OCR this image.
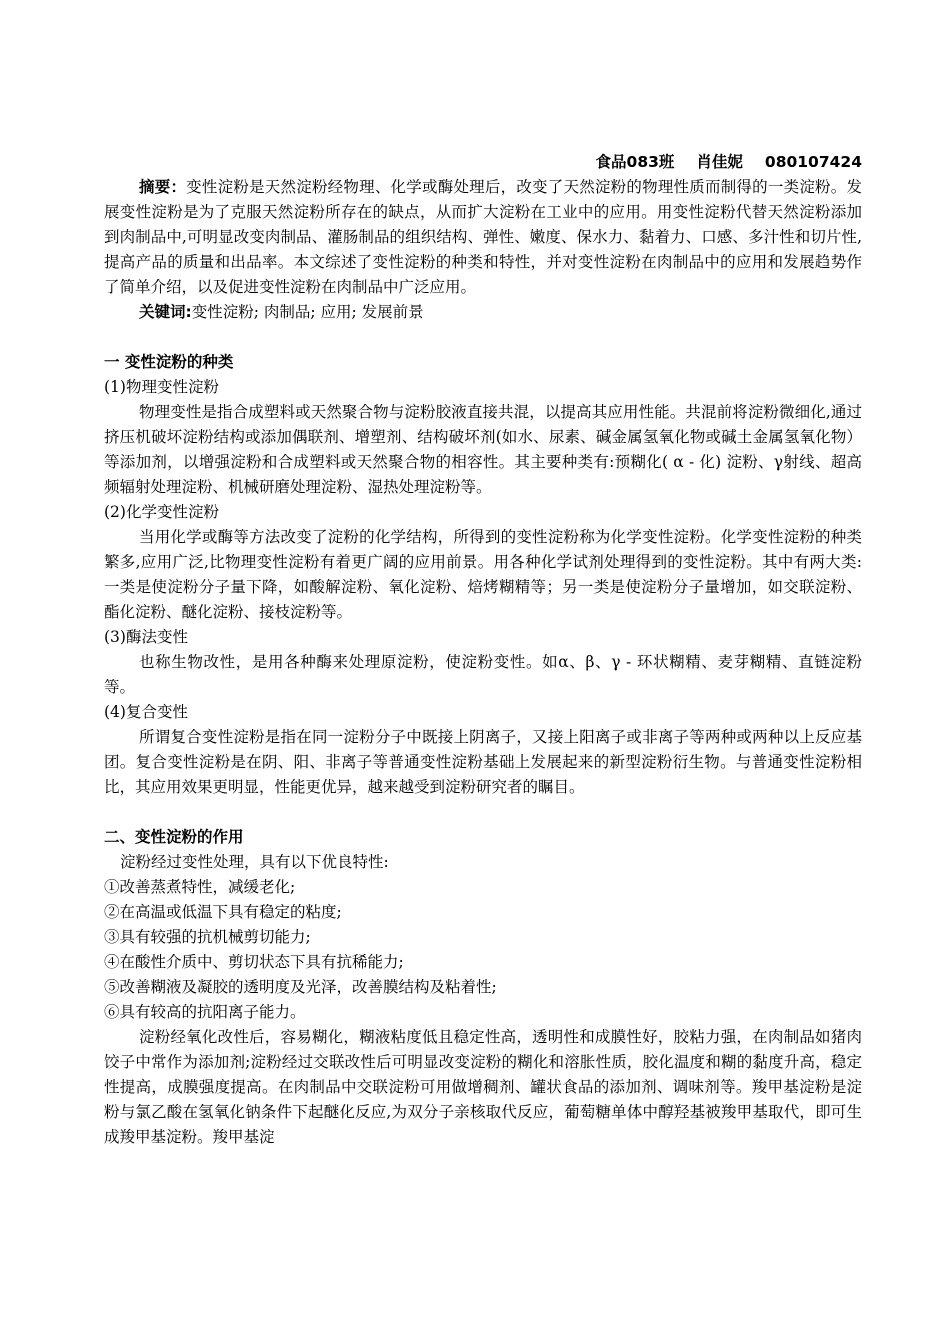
食品083班 肖佳妮 080107424

摘要：变性淀粉是天然淀粉经物理、化学或酶处理后，改变了天然淀粉的物理性质而制得的一类淀粉。发展变性淀粉是为了克服天然淀粉所存在的缺点，从而扩大淀粉在工业中的应用。用变性淀粉代替天然淀粉添加到肉制品中,可明显改变肉制品、灌肠制品的组织结构、弹性、嫩度、保水力、黏着力、口感、多汁性和切片性,提高产品的质量和出品率。本文综述了变性淀粉的种类和特性，并对变性淀粉在肉制品中的应用和发展趋势作了简单介绍，以及促进变性淀粉在肉制品中广泛应用。

关键词:变性淀粉; 肉制品; 应用; 发展前景

一 变性淀粉的种类

(1)物理变性淀粉

物理变性是指合成塑料或天然聚合物与淀粉胶液直接共混，以提高其应用性能。共混前将淀粉微细化,通过挤压机破坏淀粉结构或添加偶联剂、增塑剂、结构破坏剂(如水、尿素、碱金属氢氧化物或碱土金属氢氧化物）等添加剂，以增强淀粉和合成塑料或天然聚合物的相容性。其主要种类有:预糊化( α - 化) 淀粉、γ射线、超高频辐射处理淀粉、机械研磨处理淀粉、湿热处理淀粉等。

(2)化学变性淀粉

当用化学或酶等方法改变了淀粉的化学结构，所得到的变性淀粉称为化学变性淀粉。化学变性淀粉的种类繁多,应用广泛,比物理变性淀粉有着更广阔的应用前景。用各种化学试剂处理得到的变性淀粉。其中有两大类:一类是使淀粉分子量下降，如酸解淀粉、氧化淀粉、焙烤糊精等；另一类是使淀粉分子量增加，如交联淀粉、酯化淀粉、醚化淀粉、接枝淀粉等。

(3)酶法变性

也称生物改性，是用各种酶来处理原淀粉，使淀粉变性。如α、β、γ - 环状糊精、麦芽糊精、直链淀粉等。

(4)复合变性

所谓复合变性淀粉是指在同一淀粉分子中既接上阴离子，又接上阳离子或非离子等两种或两种以上反应基团。复合变性淀粉是在阴、阳、非离子等普通变性淀粉基础上发展起来的新型淀粉衍生物。与普通变性淀粉相比，其应用效果更明显，性能更优异，越来越受到淀粉研究者的瞩目。

二、变性淀粉的作用

淀粉经过变性处理，具有以下优良特性:

①改善蒸煮特性，减缓老化;

②在高温或低温下具有稳定的粘度;

③具有较强的抗机械剪切能力;

④在酸性介质中、剪切状态下具有抗稀能力;

⑤改善糊液及凝胶的透明度及光泽，改善膜结构及粘着性;

⑥具有较高的抗阳离子能力。

淀粉经氧化改性后，容易糊化，糊液粘度低且稳定性高，透明性和成膜性好，胶粘力强，在肉制品如猪肉饺子中常作为添加剂;淀粉经过交联改性后可明显改变淀粉的糊化和溶胀性质，胶化温度和糊的黏度升高，稳定性提高，成膜强度提高。在肉制品中交联淀粉可用做增稠剂、罐状食品的添加剂、调味剂等。羧甲基淀粉是淀粉与氯乙酸在氢氧化钠条件下起醚化反应,为双分子亲核取代反应，葡萄糖单体中醇羟基被羧甲基取代，即可生成羧甲基淀粉。羧甲基淀
